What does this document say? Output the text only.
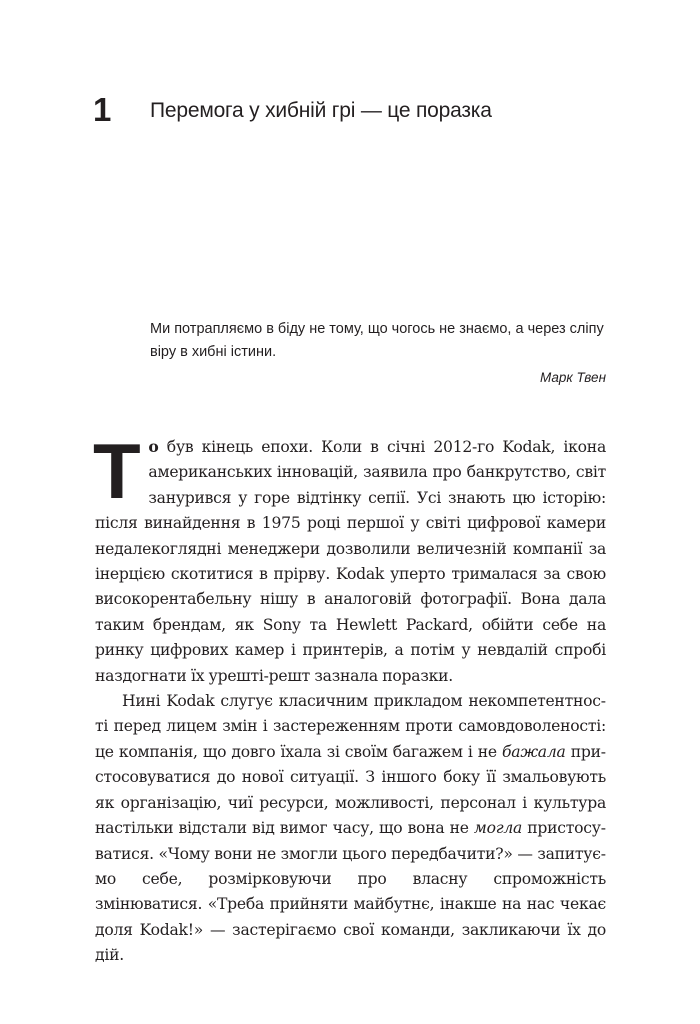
1 Перемога у хибній грі — це поразка

Ми потрапляємо в біду не тому, що чогось не знаємо, а через сліпу віру в хибні істини.

Марк Твен

То був кінець епохи. Коли в січні 2012-го Kodak, ікона американських інновацій, заявила про банкрутство, світ занурився у горе відтінку сепії. Усі знають цю історію: після винайдення в 1975 році першої у світі цифрової камери недалекоглядні менеджери дозволили величезній компанії за інерцією скотитися в прірву. Kodak уперто трималася за свою високорентабельну нішу в аналоговій фотографії. Вона дала таким брендам, як Sony та Hewlett Packard, обійти себе на ринку цифрових камер і принтерів, а потім у невдалій спробі наздогнати їх урешті-решт зазнала поразки.

Нині Kodak слугує класичним прикладом некомпетентності перед лицем змін і застереженням проти самовдоволеності: це компанія, що довго їхала зі своїм багажем і не бажала пристосовуватися до нової ситуації. З іншого боку її змальовують як організацію, чиї ресурси, можливості, персонал і культура настільки відстали від вимог часу, що вона не могла пристосуватися. «Чому вони не змогли цього передбачити?» — запитуємо себе, розмірковуючи про власну спроможність змінюватися. «Треба прийняти майбутнє, інакше на нас чекає доля Kodak!» — застерігаємо свої команди, закликаючи їх до дій.
